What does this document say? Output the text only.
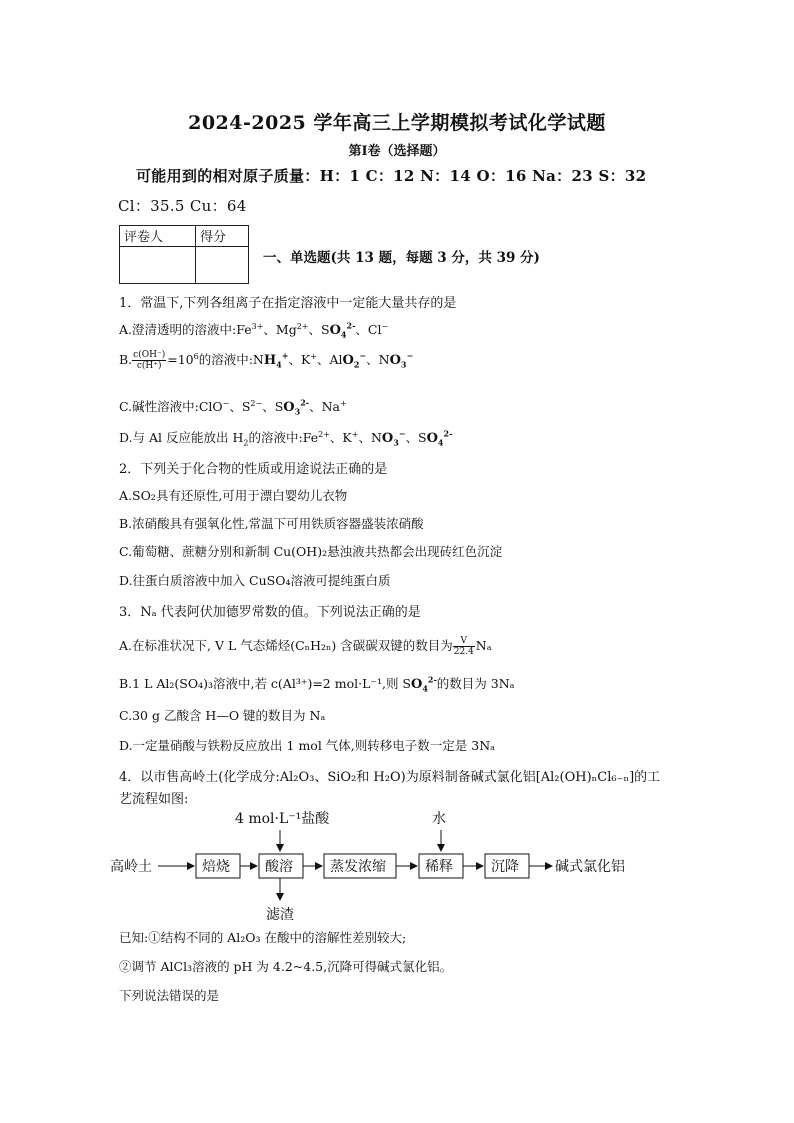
2024-2025 学年高三上学期模拟考试化学试题
第Ⅰ卷（选择题）
可能用到的相对原子质量：H：1 C：12 N：14 O：16 Na：23 S：32
Cl：35.5 Cu：64
评卷人	得分

一、单选题(共 13 题，每题 3 分，共 39 分)
1．常温下,下列各组离子在指定溶液中一定能大量共存的是
A.澄清透明的溶液中$:Fe^{3+}$、$Mg^{2+}$、$SO_4^{2-}$、Cl−
B. $\frac{c(OH^-)}{c(H^+)} =10^6$的溶液中$:NH_4^+$、K+、AlO$_2$−、$NO_3^-$
C.碱性溶液中:ClO−、$S^{2-}$、$SO_3^{2-}$、Na+
D.与 Al 反应能放出 $H_2$的溶液中$:Fe^{2+}$、K+、$NO_3^-$、$SO_4^{2-}$
2．下列关于化合物的性质或用途说法正确的是
A.SO₂具有还原性,可用于漂白婴幼儿衣物
B.浓硝酸具有强氧化性,常温下可用铁质容器盛装浓硝酸
C.葡萄糖、蔗糖分别和新制 Cu(OH)₂悬浊液共热都会出现砖红色沉淀
D.往蛋白质溶液中加入 CuSO₄溶液可提纯蛋白质
3．Nₐ 代表阿伏加德罗常数的值。下列说法正确的是
A.在标准状况下, V L 气态烯烃(CₙH₂ₙ) 含碳碳双键的数目为 $\frac{V}{22.4}$ Nₐ
B.1 L Al₂(SO₄)₃溶液中,若 c(Al³⁺)=2 mol·L⁻¹,则 $SO_4^{2-}$的数目为 3Nₐ
C.30 g 乙酸含 H—O 键的数目为 Nₐ
D.一定量硝酸与铁粉反应放出 1 mol 气体,则转移电子数一定是 3Nₐ
4．以市售高岭土(化学成分:Al₂O₃、SiO₂和 H₂O)为原料制备碱式氯化铝[Al₂(OH)ₙCl₆₋ₙ]的工
艺流程如图:
4 mol·L⁻¹盐酸	水
高岭土	焙烧	酸溶	蒸发浓缩	稀释	沉降	碱式氯化铝
滤渣
已知:①结构不同的 Al₂O₃ 在酸中的溶解性差别较大;
②调节 AlCl₃溶液的 pH 为 4.2~4.5,沉降可得碱式氯化铝。
下列说法错误的是
